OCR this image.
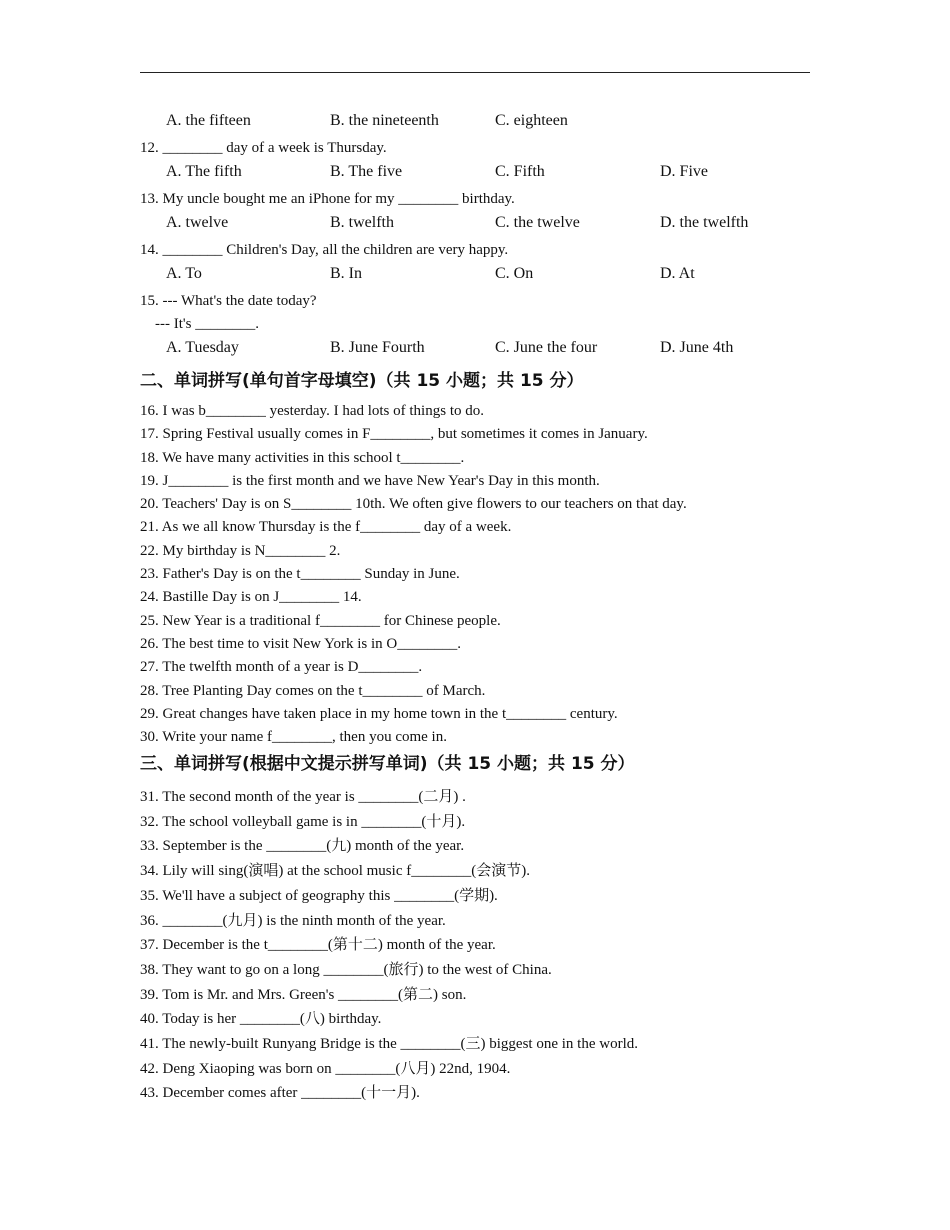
A. the fifteen	B. the nineteenth	C. eighteen
12. ________ day of a week is Thursday.
A. The fifth	B. The five	C. Fifth	D. Five
13. My uncle bought me an iPhone for my ________ birthday.
A. twelve	B. twelfth	C. the twelve	D. the twelfth
14. ________ Children's Day, all the children are very happy.
A. To	B. In	C. On	D. At
15. --- What's the date today?
--- It's ________.
A. Tuesday	B. June Fourth	C. June the four	D. June 4th
二、单词拼写(单句首字母填空)（共 15 小题；共 15 分）
16. I was b________ yesterday. I had lots of things to do.
17. Spring Festival usually comes in F________, but sometimes it comes in January.
18. We have many activities in this school t________.
19. J________ is the first month and we have New Year's Day in this month.
20. Teachers' Day is on S________ 10th. We often give flowers to our teachers on that day.
21. As we all know Thursday is the f________ day of a week.
22. My birthday is N________ 2.
23. Father's Day is on the t________ Sunday in June.
24. Bastille Day is on J________ 14.
25. New Year is a traditional f________ for Chinese people.
26. The best time to visit New York is in O________.
27. The twelfth month of a year is D________.
28. Tree Planting Day comes on the t________ of March.
29. Great changes have taken place in my home town in the t________ century.
30. Write your name f________, then you come in.
三、单词拼写(根据中文提示拼写单词)（共 15 小题；共 15 分）
31. The second month of the year is ________(二月) .
32. The school volleyball game is in ________(十月).
33. September is the ________(九) month of the year.
34. Lily will sing(演唱) at the school music f________(会演节).
35. We'll have a subject of geography this ________(学期).
36. ________(九月) is the ninth month of the year.
37. December is the t________(第十二) month of the year.
38. They want to go on a long ________(旅行) to the west of China.
39. Tom is Mr. and Mrs. Green's ________(第二) son.
40. Today is her ________(八) birthday.
41. The newly-built Runyang Bridge is the ________(三) biggest one in the world.
42. Deng Xiaoping was born on ________(八月) 22nd, 1904.
43. December comes after ________(十一月).
